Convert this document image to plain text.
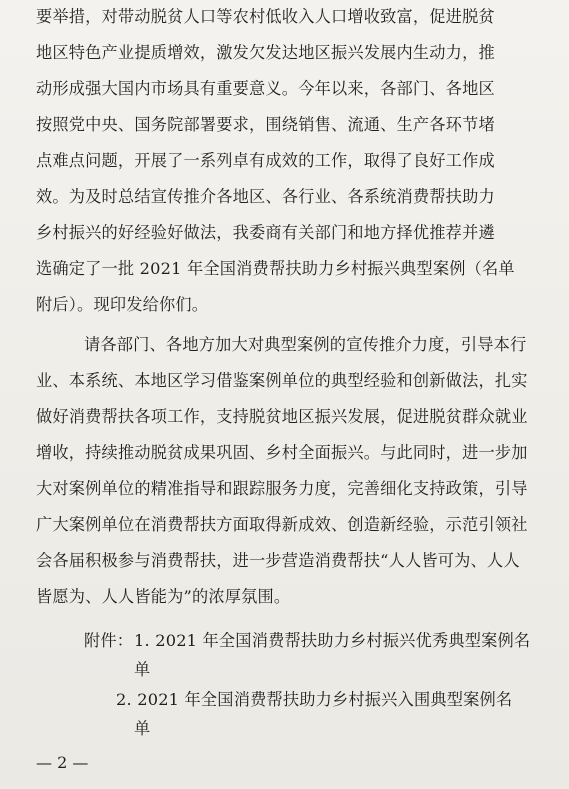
要举措，对带动脱贫人口等农村低收入人口增收致富，促进脱贫
地区特色产业提质增效，激发欠发达地区振兴发展内生动力，推
动形成强大国内市场具有重要意义。今年以来，各部门、各地区
按照党中央、国务院部署要求，围绕销售、流通、生产各环节堵
点难点问题，开展了一系列卓有成效的工作，取得了良好工作成
效。为及时总结宣传推介各地区、各行业、各系统消费帮扶助力
乡村振兴的好经验好做法，我委商有关部门和地方择优推荐并遴
选确定了一批 2021 年全国消费帮扶助力乡村振兴典型案例（名单
附后）。现印发给你们。
请各部门、各地方加大对典型案例的宣传推介力度，引导本行
业、本系统、本地区学习借鉴案例单位的典型经验和创新做法，扎实
做好消费帮扶各项工作，支持脱贫地区振兴发展，促进脱贫群众就业
增收，持续推动脱贫成果巩固、乡村全面振兴。与此同时，进一步加
大对案例单位的精准指导和跟踪服务力度，完善细化支持政策，引导
广大案例单位在消费帮扶方面取得新成效、创造新经验，示范引领社
会各届积极参与消费帮扶，进一步营造消费帮扶“人人皆可为、人人
皆愿为、人人皆能为”的浓厚氛围。
附件： 1. 2021 年全国消费帮扶助力乡村振兴优秀典型案例名
单
2. 2021 年全国消费帮扶助力乡村振兴入围典型案例名
单
— 2 —
